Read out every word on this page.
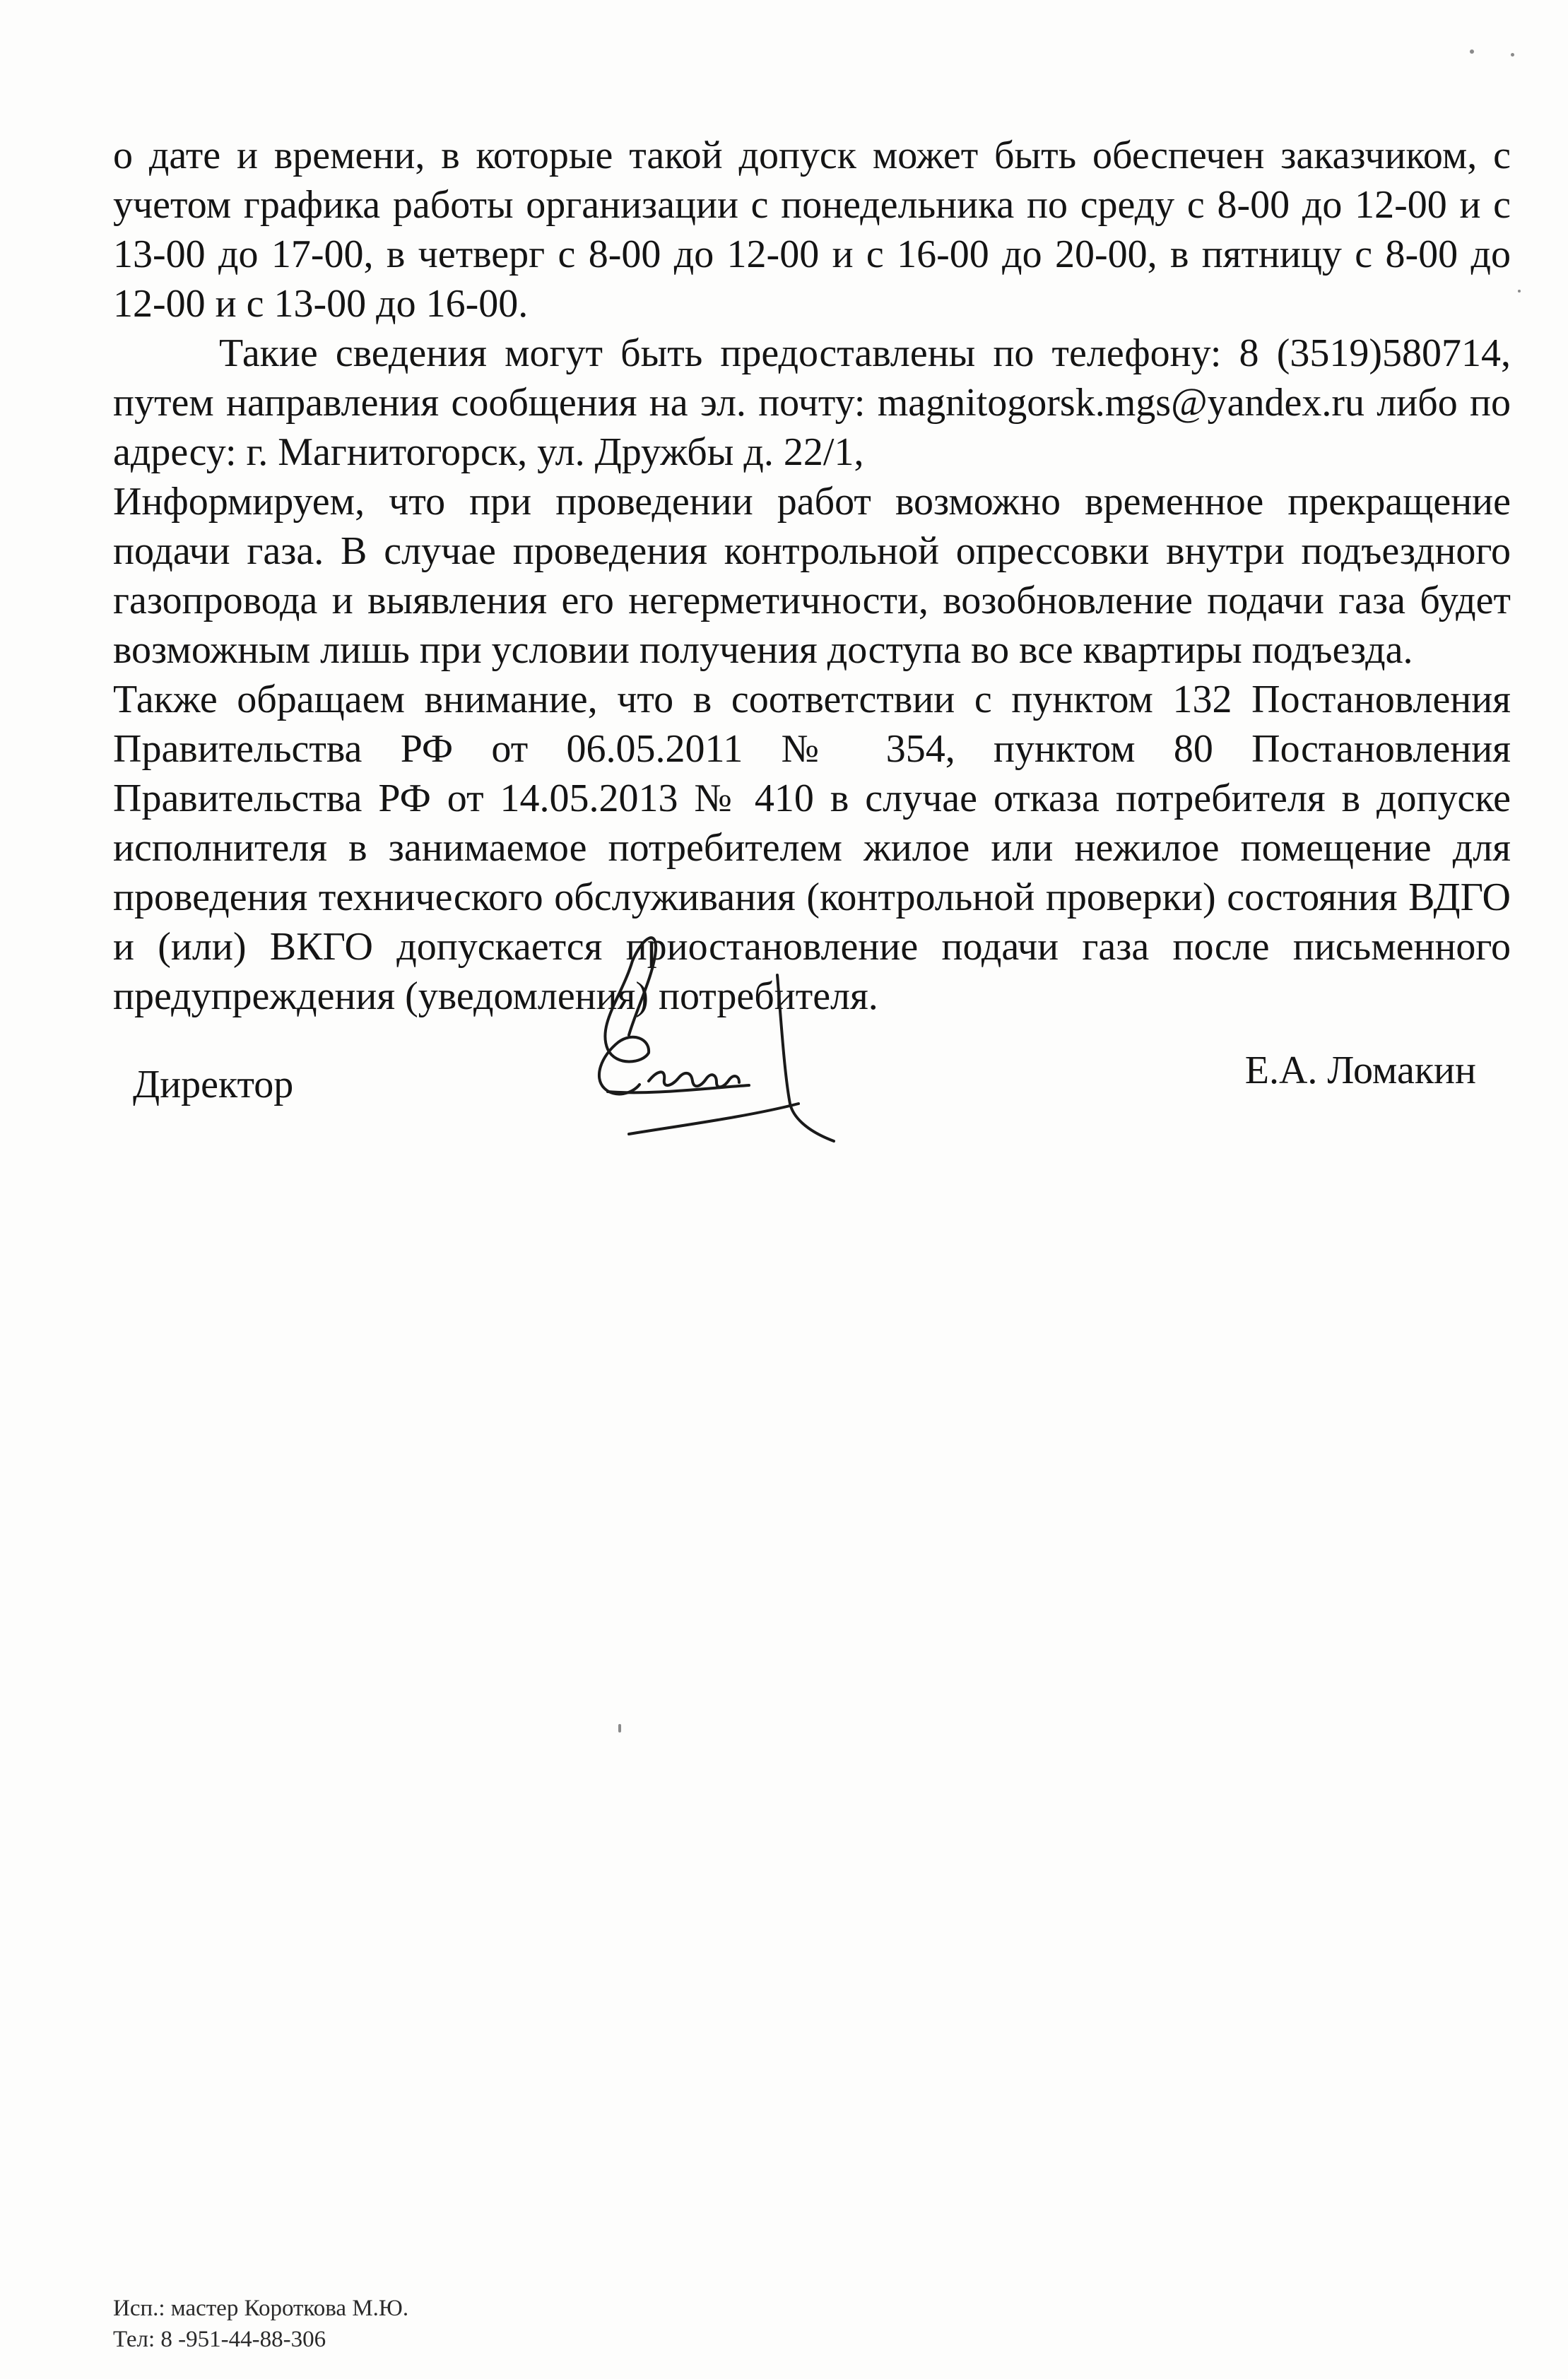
о дате и времени, в которые такой допуск может быть обеспечен заказчиком, с учетом графика работы организации с понедельника по среду с 8-00 до 12-00 и с 13-00 до 17-00, в четверг с 8-00 до 12-00 и с 16-00 до 20-00, в пятницу с 8-00 до 12-00 и с 13-00 до 16-00.

Такие сведения могут быть предоставлены по телефону: 8 (3519)580714, путем направления сообщения на эл. почту: magnitogorsk.mgs@yandex.ru либо по адресу: г. Магнитогорск, ул. Дружбы д. 22/1,

Информируем, что при проведении работ возможно временное прекращение подачи газа. В случае проведения контрольной опрессовки внутри подъездного газопровода и выявления его негерметичности, возобновление подачи газа будет возможным лишь при условии получения доступа во все квартиры подъезда.

Также обращаем внимание, что в соответствии с пунктом 132 Постановления Правительства РФ от 06.05.2011 № 354, пунктом 80 Постановления Правительства РФ от 14.05.2013 № 410 в случае отказа потребителя в допуске исполнителя в занимаемое потребителем жилое или нежилое помещение для проведения технического обслуживания (контрольной проверки) состояния ВДГО и (или) ВКГО допускается приостановление подачи газа после письменного предупреждения (уведомления) потребителя.

Директор	Е.А. Ломакин
Исп.: мастер Короткова М.Ю.
Тел: 8 -951-44-88-306
